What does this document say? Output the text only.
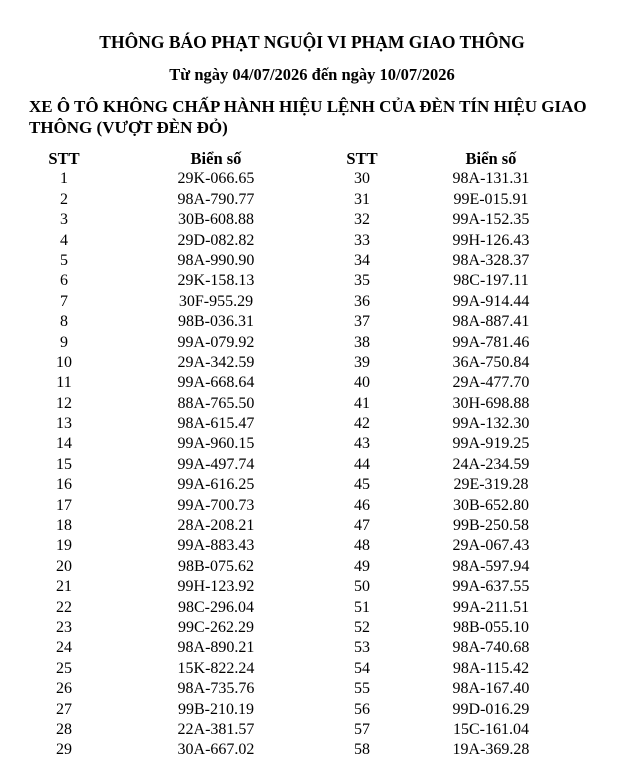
THÔNG BÁO PHẠT NGUỘI VI PHẠM GIAO THÔNG
Từ ngày 04/07/2026 đến ngày 10/07/2026
XE Ô TÔ KHÔNG CHẤP HÀNH HIỆU LỆNH CỦA ĐÈN TÍN HIỆU GIAO THÔNG (VƯỢT ĐÈN ĐỎ)
STT	Biển số	STT	Biển số
1	29K-066.65	30	98A-131.31
2	98A-790.77	31	99E-015.91
3	30B-608.88	32	99A-152.35
4	29D-082.82	33	99H-126.43
5	98A-990.90	34	98A-328.37
6	29K-158.13	35	98C-197.11
7	30F-955.29	36	99A-914.44
8	98B-036.31	37	98A-887.41
9	99A-079.92	38	99A-781.46
10	29A-342.59	39	36A-750.84
11	99A-668.64	40	29A-477.70
12	88A-765.50	41	30H-698.88
13	98A-615.47	42	99A-132.30
14	99A-960.15	43	99A-919.25
15	99A-497.74	44	24A-234.59
16	99A-616.25	45	29E-319.28
17	99A-700.73	46	30B-652.80
18	28A-208.21	47	99B-250.58
19	99A-883.43	48	29A-067.43
20	98B-075.62	49	98A-597.94
21	99H-123.92	50	99A-637.55
22	98C-296.04	51	99A-211.51
23	99C-262.29	52	98B-055.10
24	98A-890.21	53	98A-740.68
25	15K-822.24	54	98A-115.42
26	98A-735.76	55	98A-167.40
27	99B-210.19	56	99D-016.29
28	22A-381.57	57	15C-161.04
29	30A-667.02	58	19A-369.28
